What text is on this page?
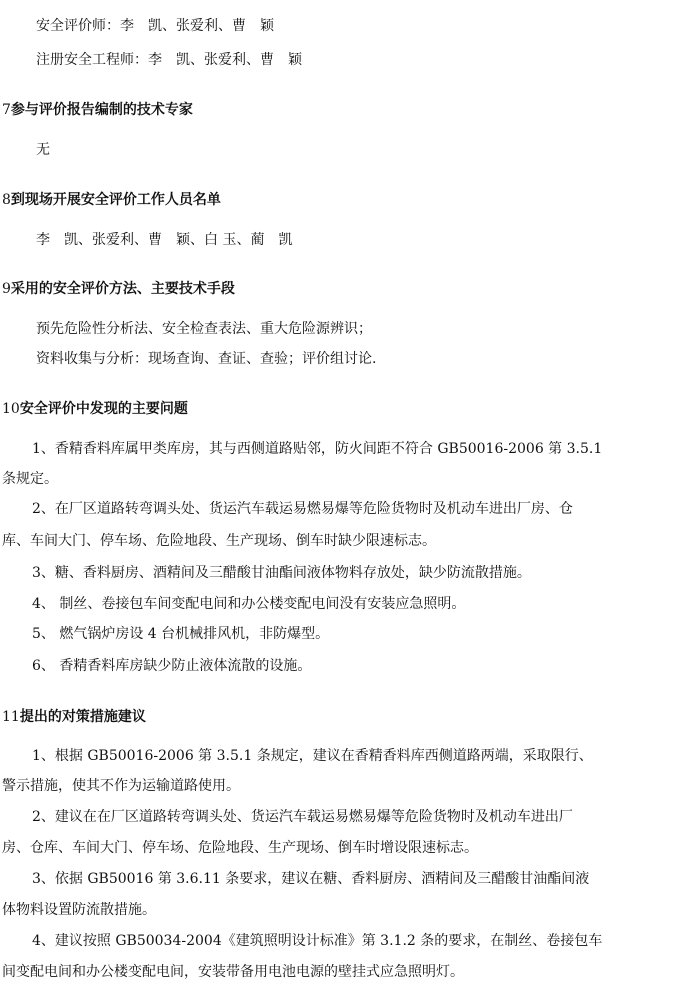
安全评价师：李　凯、张爱利、曹　颖
注册安全工程师：李　凯、张爱利、曹　颖
7参与评价报告编制的技术专家
无
8到现场开展安全评价工作人员名单
李　凯、张爱利、曹　颖、白 玉、蔺　凯
9采用的安全评价方法、主要技术手段
预先危险性分析法、安全检查表法、重大危险源辨识；
资料收集与分析：现场查询、查证、查验；评价组讨论.
10安全评价中发现的主要问题
1、香精香料库属甲类库房，其与西侧道路贴邻，防火间距不符合 GB50016-2006 第 3.5.1
条规定。
2、在厂区道路转弯调头处、货运汽车载运易燃易爆等危险货物时及机动车进出厂房、仓
库、车间大门、停车场、危险地段、生产现场、倒车时缺少限速标志。
3、糖、香料厨房、酒精间及三醋酸甘油酯间液体物料存放处，缺少防流散措施。
4、 制丝、卷接包车间变配电间和办公楼变配电间没有安装应急照明。
5、 燃气锅炉房设 4 台机械排风机，非防爆型。
6、 香精香料库房缺少防止液体流散的设施。
11提出的对策措施建议
1、根据 GB50016-2006 第 3.5.1 条规定，建议在香精香料库西侧道路两端，采取限行、
警示措施，使其不作为运输道路使用。
2、建议在在厂区道路转弯调头处、货运汽车载运易燃易爆等危险货物时及机动车进出厂
房、仓库、车间大门、停车场、危险地段、生产现场、倒车时增设限速标志。
3、依据 GB50016 第 3.6.11 条要求，建议在糖、香料厨房、酒精间及三醋酸甘油酯间液
体物料设置防流散措施。
4、建议按照 GB50034-2004《建筑照明设计标准》第 3.1.2 条的要求，在制丝、卷接包车
间变配电间和办公楼变配电间，安装带备用电池电源的壁挂式应急照明灯。
